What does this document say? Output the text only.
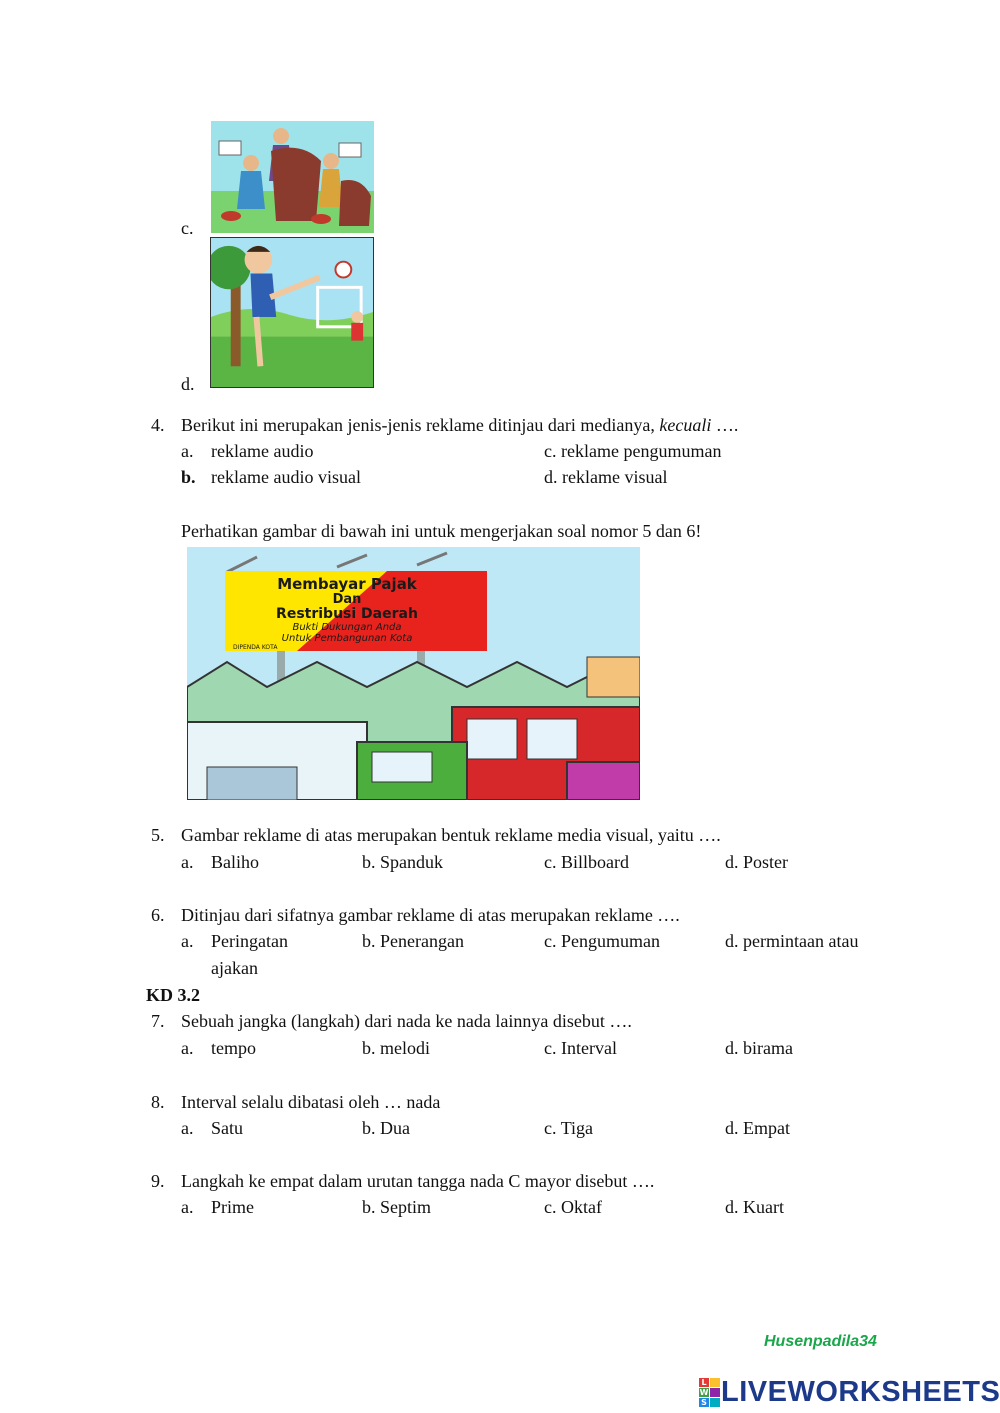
c.
d.
4. Berikut ini merupakan jenis-jenis reklame ditinjau dari medianya, kecuali ….
a. reklame audio
b. reklame audio visual
c. reklame pengumuman
d. reklame visual
Perhatikan gambar di bawah ini untuk mengerjakan soal nomor 5 dan 6!
Membayar Pajak
Dan
Restribusi Daerah
Bukti Dukungan Anda
Untuk Pembangunan Kota
DIPENDA KOTA
5. Gambar reklame di atas merupakan bentuk reklame media visual, yaitu ….
a. Baliho	b. Spanduk	c. Billboard	d. Poster
6. Ditinjau dari sifatnya gambar reklame di atas merupakan reklame ….
a. Peringatan	b. Penerangan	c. Pengumuman	d. permintaan atau
ajakan
KD 3.2
7. Sebuah jangka (langkah) dari nada ke nada lainnya disebut ….
a. tempo	b. melodi	c. Interval	d. birama
8. Interval selalu dibatasi oleh … nada
a. Satu	b. Dua	c. Tiga	d. Empat
9. Langkah ke empat dalam urutan tangga nada C mayor disebut ….
a. Prime	b. Septim	c. Oktaf	d. Kuart
Husenpadila34
L
W
S LIVEWORKSHEETS
